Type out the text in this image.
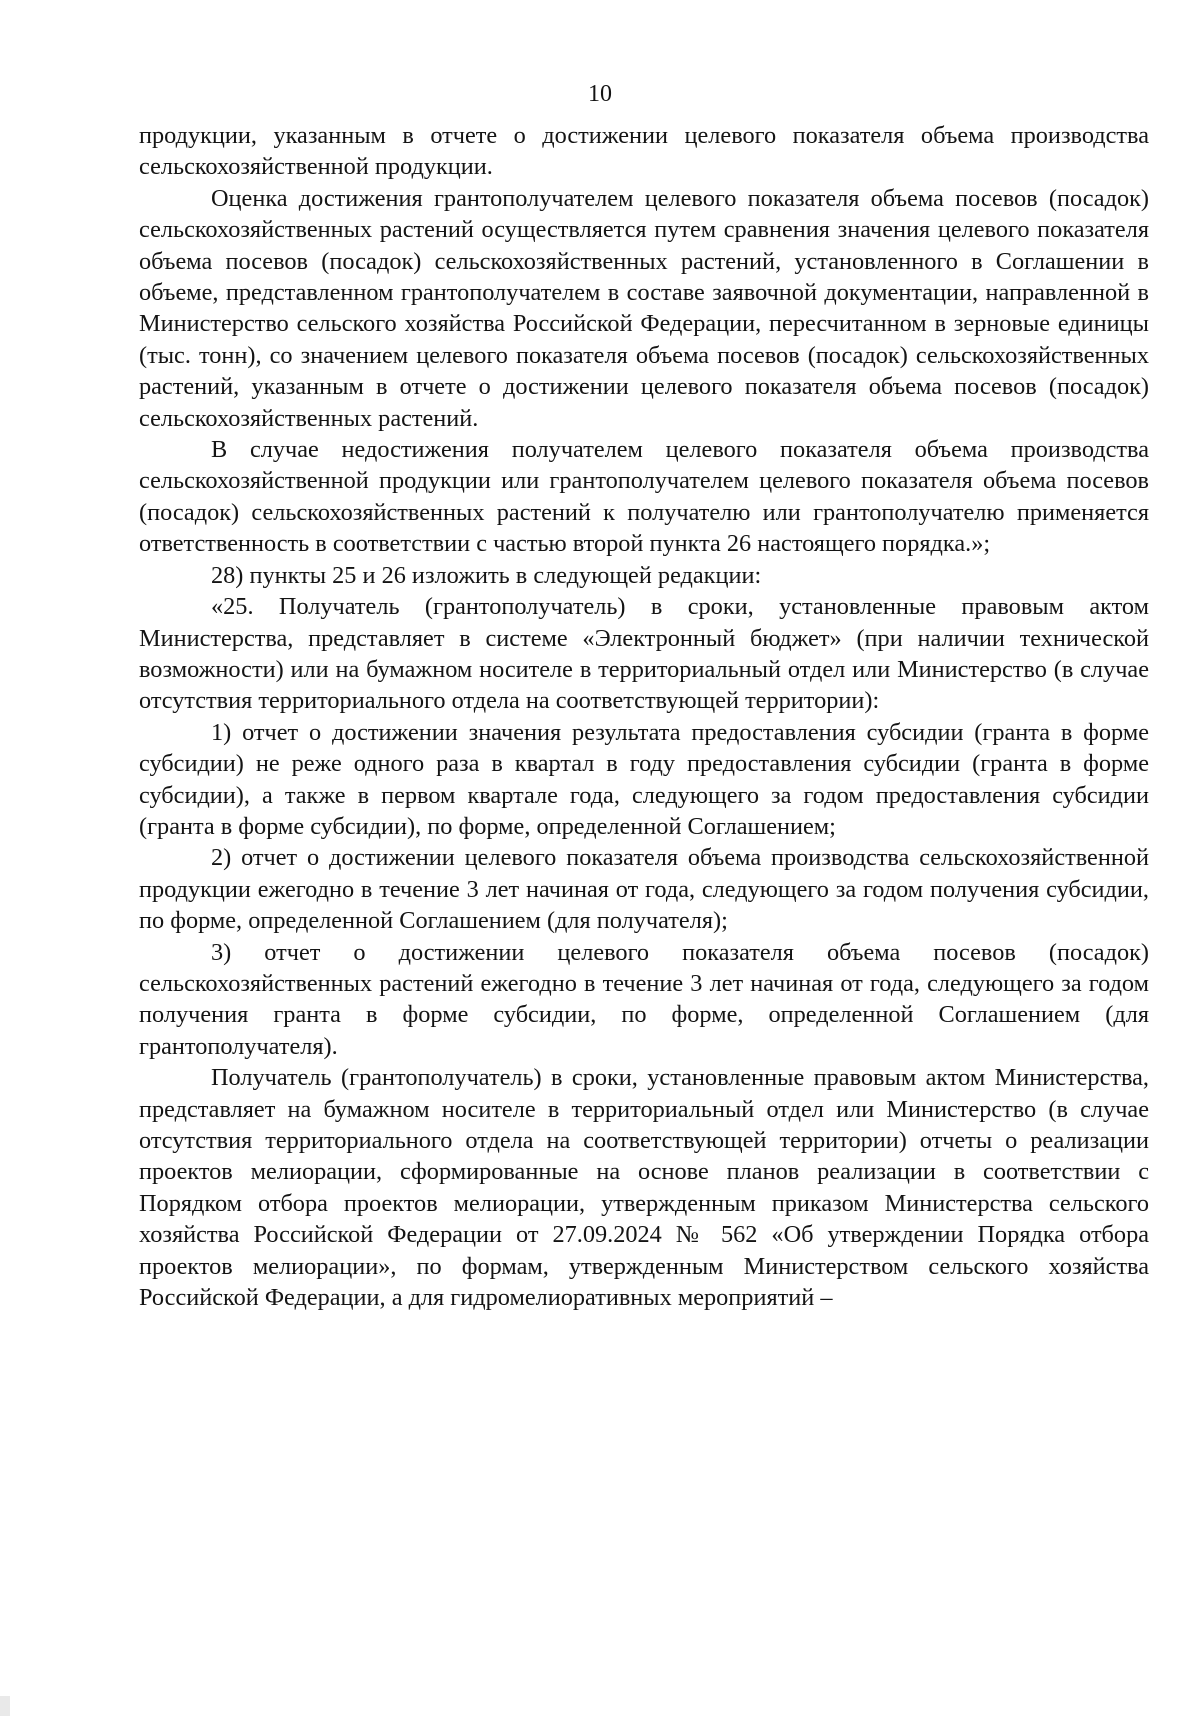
10

продукции, указанным в отчете о достижении целевого показателя объема производства сельскохозяйственной продукции.

Оценка достижения грантополучателем целевого показателя объема посевов (посадок) сельскохозяйственных растений осуществляется путем сравнения значения целевого показателя объема посевов (посадок) сельскохозяйственных растений, установленного в Соглашении в объеме, представленном грантополучателем в составе заявочной документации, направленной в Министерство сельского хозяйства Российской Федерации, пересчитанном в зерновые единицы (тыс. тонн), со значением целевого показателя объема посевов (посадок) сельскохозяйственных растений, указанным в отчете о достижении целевого показателя объема посевов (посадок) сельскохозяйственных растений.

В случае недостижения получателем целевого показателя объема производства сельскохозяйственной продукции или грантополучателем целевого показателя объема посевов (посадок) сельскохозяйственных растений к получателю или грантополучателю применяется ответственность в соответствии с частью второй пункта 26 настоящего порядка.»;

28) пункты 25 и 26 изложить в следующей редакции:

«25. Получатель (грантополучатель) в сроки, установленные правовым актом Министерства, представляет в системе «Электронный бюджет» (при наличии технической возможности) или на бумажном носителе в территориальный отдел или Министерство (в случае отсутствия территориального отдела на соответствующей территории):

1) отчет о достижении значения результата предоставления субсидии (гранта в форме субсидии) не реже одного раза в квартал в году предоставления субсидии (гранта в форме субсидии), а также в первом квартале года, следующего за годом предоставления субсидии (гранта в форме субсидии), по форме, определенной Соглашением;

2) отчет о достижении целевого показателя объема производства сельскохозяйственной продукции ежегодно в течение 3 лет начиная от года, следующего за годом получения субсидии, по форме, определенной Соглашением (для получателя);

3) отчет о достижении целевого показателя объема посевов (посадок) сельскохозяйственных растений ежегодно в течение 3 лет начиная от года, следующего за годом получения гранта в форме субсидии, по форме, определенной Соглашением (для грантополучателя).

Получатель (грантополучатель) в сроки, установленные правовым актом Министерства, представляет на бумажном носителе в территориальный отдел или Министерство (в случае отсутствия территориального отдела на соответствующей территории) отчеты о реализации проектов мелиорации, сформированные на основе планов реализации в соответствии с Порядком отбора проектов мелиорации, утвержденным приказом Министерства сельского хозяйства Российской Федерации от 27.09.2024 № 562 «Об утверждении Порядка отбора проектов мелиорации», по формам, утвержденным Министерством сельского хозяйства Российской Федерации, а для гидромелиоративных мероприятий –
